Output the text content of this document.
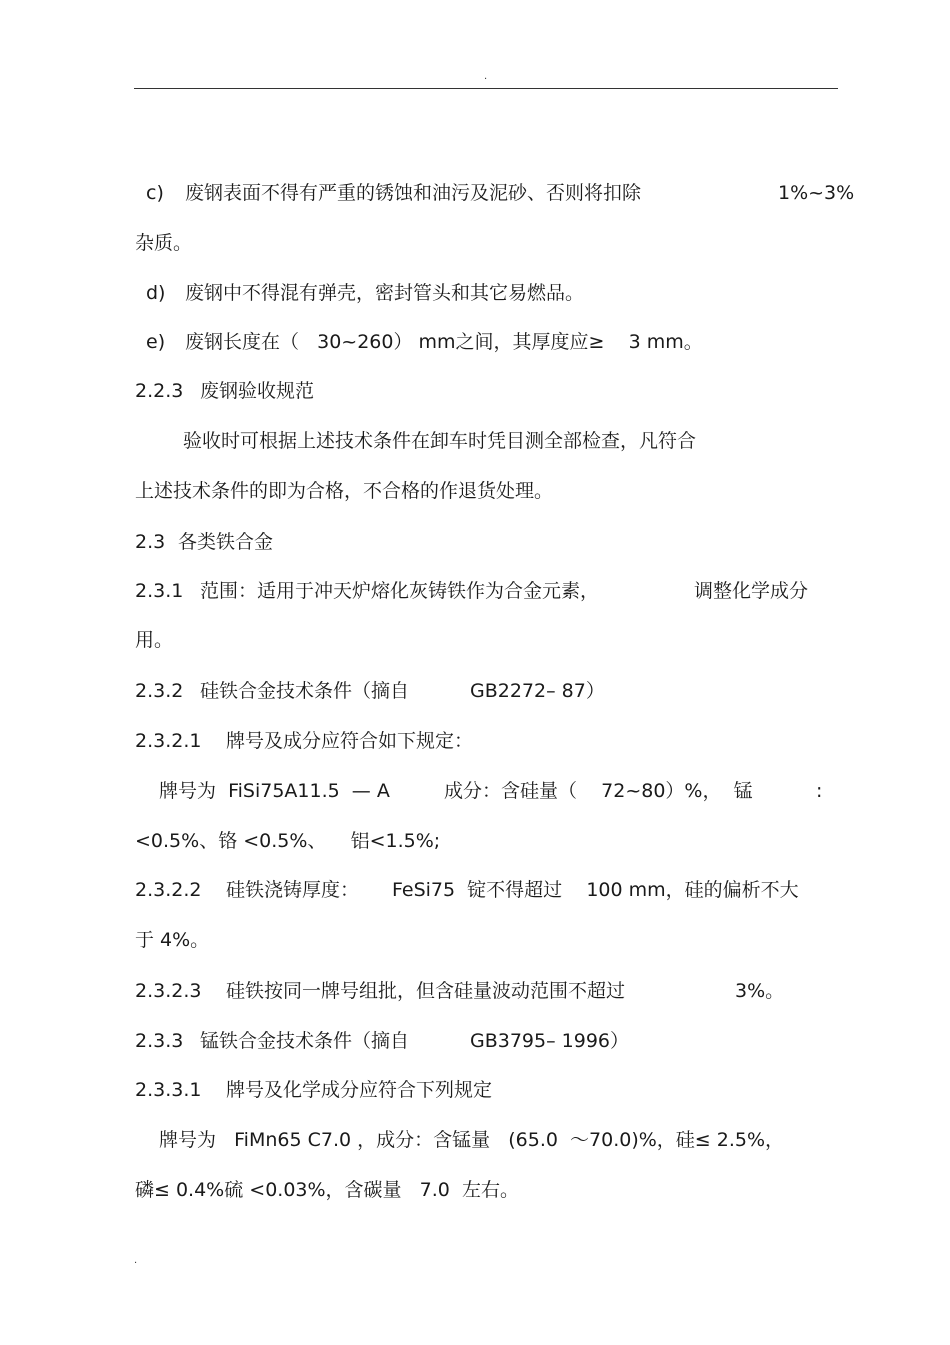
.

c)

废钢表面不得有严重的锈蚀和油污及泥砂、否则将扣除

	1%~3%

杂质。

d)

废钢中不得混有弹壳，密封管头和其它易燃品。

e)

废钢长度在（   30~260） mm之间，其厚度应≥    3 mm。

2.2.3

废钢验收规范

验收时可根据上述技术条件在卸车时凭目测全部检查，凡符合

上述技术条件的即为合格，不合格的作退货处理。

2.3

各类铁合金

2.3.1

范围：适用于冲天炉熔化灰铸铁作为合金元素，

	调整化学成分

用。

2.3.2

硅铁合金技术条件（摘自

	GB2272– 87）

2.3.2.1

牌号及成分应符合如下规定：

牌号为  FiSi75A11.5  — A

	成分：含硅量（    72~80）%，  锰

	:

<0.5%、铬 <0.5%、    铝<1.5%;

2.3.2.2

硅铁浇铸厚度：

FeSi75  锭不得超过    100 mm，硅的偏析不大

于 4%。

2.3.2.3

硅铁按同一牌号组批，但含硅量波动范围不超过

	3%。

2.3.3

锰铁合金技术条件（摘自

	GB3795– 1996）

2.3.3.1

牌号及化学成分应符合下列规定

牌号为   FiMn65 C7.0 ，成分：含锰量   (65.0  ～70.0)%，硅≤ 2.5%，

磷≤ 0.4%硫 <0.03%，含碳量   7.0  左右。

.
